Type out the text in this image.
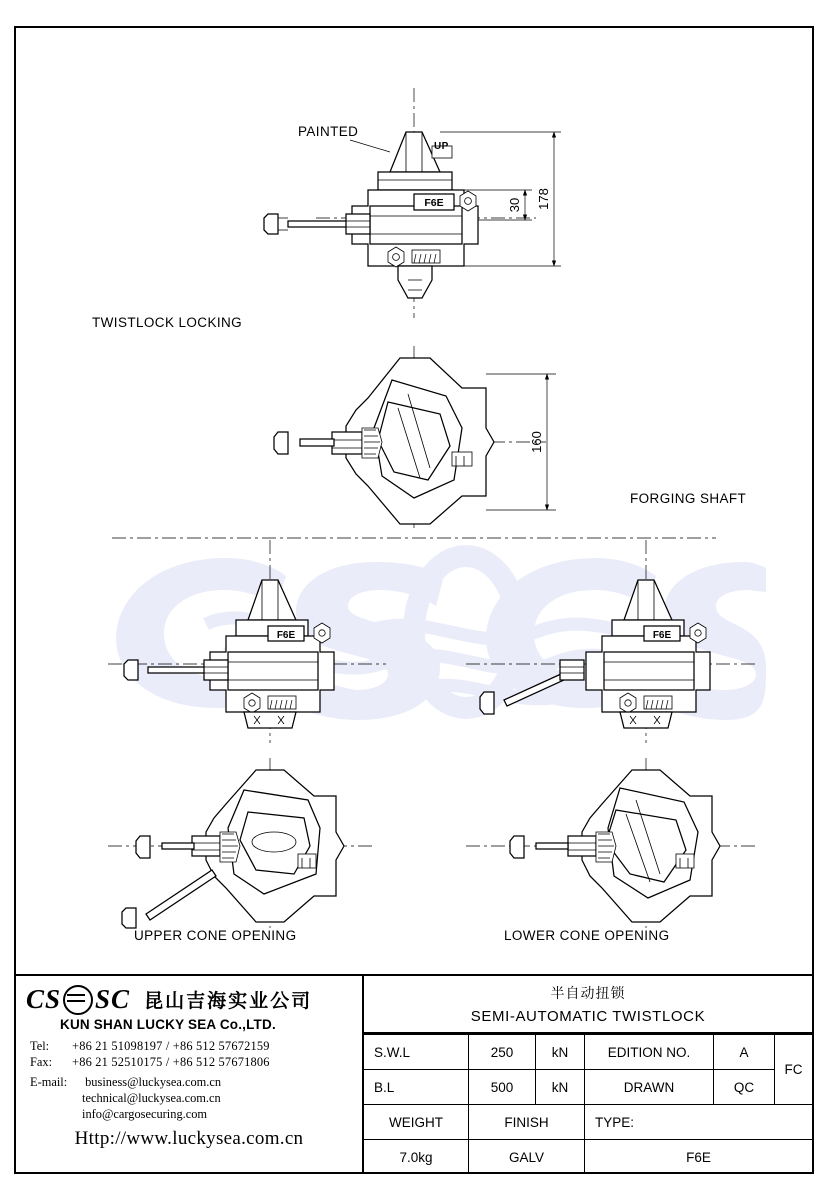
F6E	178
30
160
F6E	F6E
PAINTED
UP
TWISTLOCK LOCKING
FORGING SHAFT
UPPER CONE OPENING	LOWER CONE OPENING
CS SC 昆山吉海实业公司
KUN SHAN LUCKY SEA Co.,LTD.
Tel:	+86 21 51098197 / +86 512 57672159
Fax:	+86 21 52510175 / +86 512 57671806
E-mail: business@luckysea.com.cn
technical@luckysea.com.cn
info@cargosecuring.com
Http://www.luckysea.com.cn
半自动扭锁
SEMI-AUTOMATIC TWISTLOCK
S.W.L	250	kN	EDITION NO.	A	FC
B.L	500	kN	DRAWN	QC	
WEIGHT	FINISH		TYPE:		
7.0kg	GALV		F6E		
